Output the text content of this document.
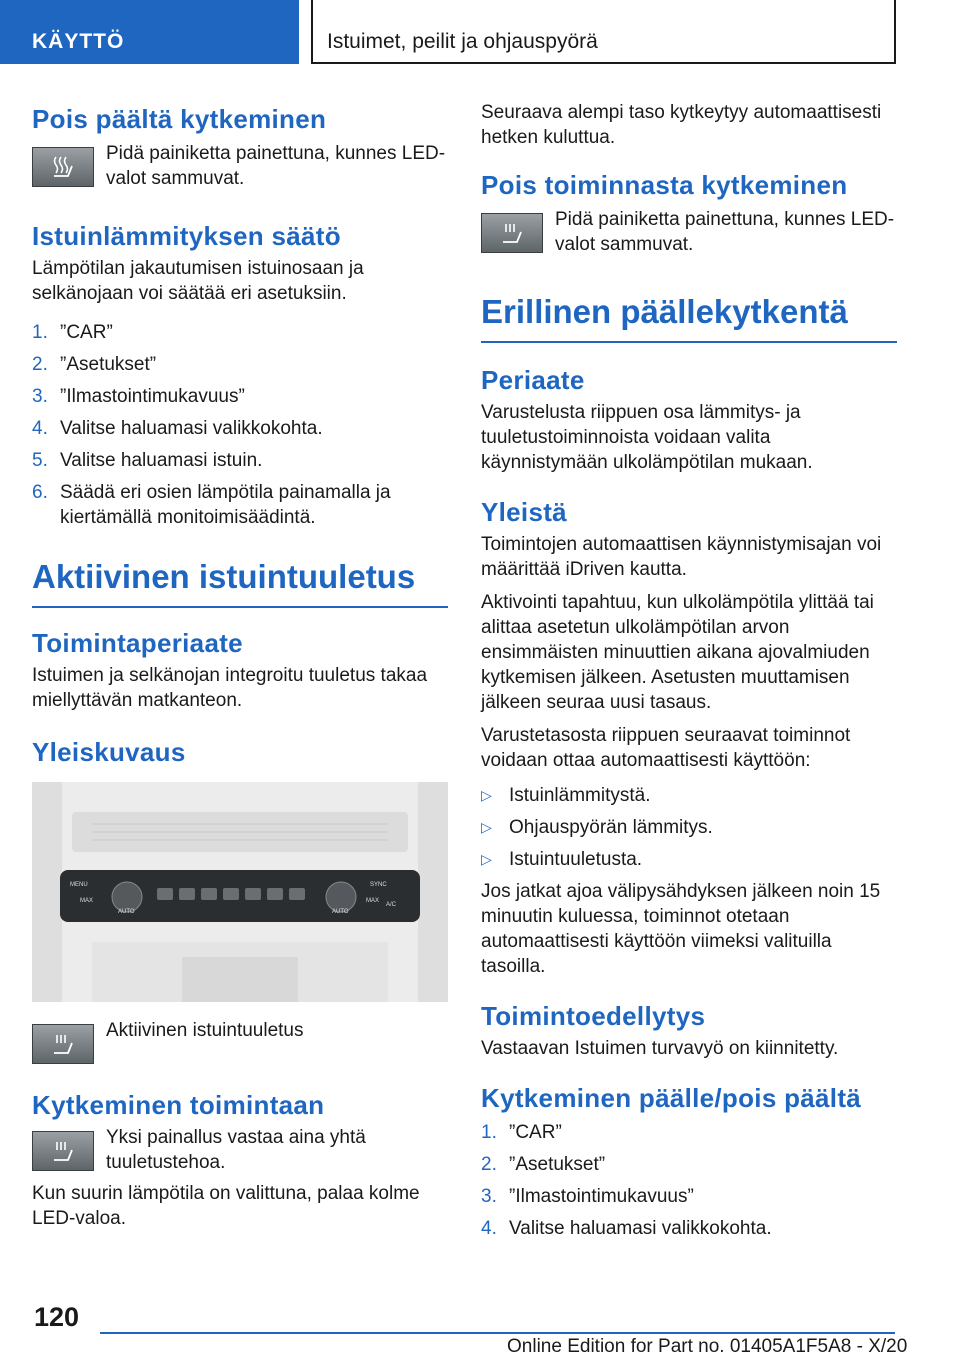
KÄYTTÖ	Istuimet, peilit ja ohjauspyörä
Pois päältä kytkeminen

Pidä painiketta painettuna, kunnes LED-valot sammuvat.

Istuinlämmityksen säätö

Lämpötilan jakautumisen istuinosaan ja selkänojaan voi säätää eri asetuksiin.

1. ”CAR”
2. ”Asetukset”
3. ”Ilmastointimukavuus”
4. Valitse haluamasi valikkokohta.
5. Valitse haluamasi istuin.
6. Säädä eri osien lämpötila painamalla ja kiertämällä monitoimisäädintä.
Aktiivinen istuintuuletus
Toimintaperiaate

Istuimen ja selkänojan integroitu tuuletus takaa miellyttävän matkanteon.

Yleiskuvaus
MENU
MAX
AUTO	AUTO
SYNC
MAX
A/C

Aktiivinen istuintuuletus

Kytkeminen toimintaan

Yksi painallus vastaa aina yhtä tuuletustehoa.

Kun suurin lämpötila on valittuna, palaa kolme LED-valoa.

Seuraava alempi taso kytkeytyy automaattisesti hetken kuluttua.

Pois toiminnasta kytkeminen

Pidä painiketta painettuna, kunnes LED-valot sammuvat.

Erillinen päällekytkentä
Periaate

Varustelusta riippuen osa lämmitys- ja tuuletustoiminnoista voidaan valita käynnistymään ulkolämpötilan mukaan.

Yleistä

Toimintojen automaattisen käynnistymisajan voi määrittää iDriven kautta.

Aktivointi tapahtuu, kun ulkolämpötila ylittää tai alittaa asetetun ulkolämpötilan arvon ensimmäisten minuuttien aikana ajovalmiuden kytkemisen jälkeen. Asetusten muuttamisen jälkeen seuraa uusi tasaus.

Varustetasosta riippuen seuraavat toiminnot voidaan ottaa automaattisesti käyttöön:

▷ Istuinlämmitystä.
▷ Ohjauspyörän lämmitys.
▷ Istuintuuletusta.

Jos jatkat ajoa välipysähdyksen jälkeen noin 15 minuutin kuluessa, toiminnot otetaan automaattisesti käyttöön viimeksi valituilla tasoilla.

Toimintoedellytys

Vastaavan Istuimen turvavyö on kiinnitetty.

Kytkeminen päälle/pois päältä
1. ”CAR”
2. ”Asetukset”
3. ”Ilmastointimukavuus”
4. Valitse haluamasi valikkokohta.
120
Online Edition for Part no. 01405A1F5A8 - X/20
